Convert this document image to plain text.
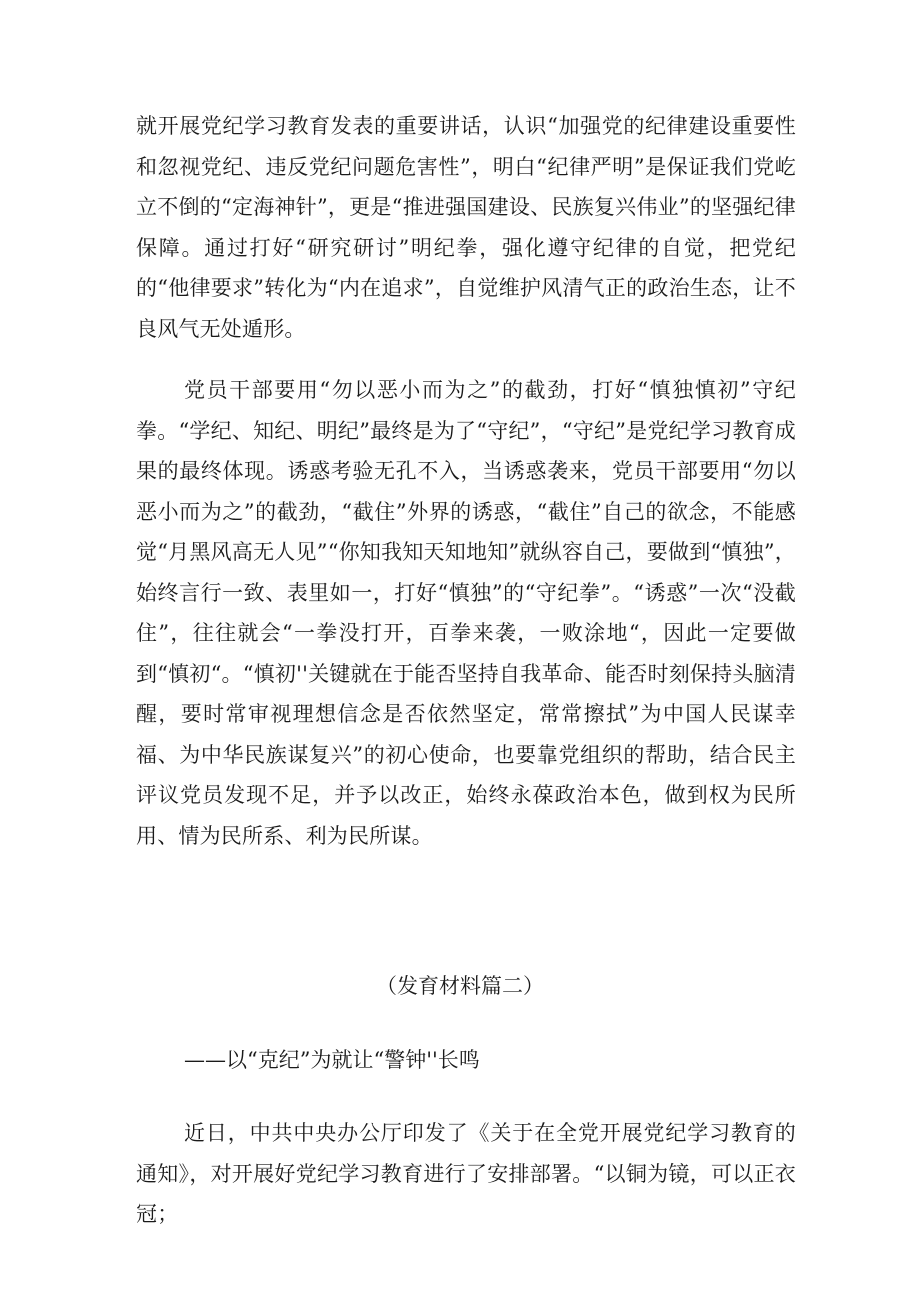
就开展党纪学习教育发表的重要讲话，认识“加强党的纪律建设重要性和忽视党纪、违反党纪问题危害性”，明白“纪律严明”是保证我们党屹立不倒的“定海神针”，更是“推进强国建设、民族复兴伟业”的坚强纪律保障。通过打好“研究研讨”明纪拳，强化遵守纪律的自觉，把党纪的“他律要求”转化为“内在追求”，自觉维护风清气正的政治生态，让不良风气无处遁形。

党员干部要用“勿以恶小而为之”的截劲，打好“慎独慎初”守纪拳。“学纪、知纪、明纪”最终是为了“守纪”，“守纪”是党纪学习教育成果的最终体现。诱惑考验无孔不入，当诱惑袭来，党员干部要用“勿以恶小而为之”的截劲，“截住”外界的诱惑，“截住”自己的欲念，不能感觉“月黑风高无人见”“你知我知天知地知”就纵容自己，要做到“慎独”，始终言行一致、表里如一，打好“慎独”的“守纪拳”。“诱惑”一次“没截住”，往往就会“一拳没打开，百拳来袭，一败涂地“，因此一定要做到“慎初“。“慎初''关键就在于能否坚持自我革命、能否时刻保持头脑清醒，要时常审视理想信念是否依然坚定，常常擦拭”为中国人民谋幸福、为中华民族谋复兴”的初心使命，也要靠党组织的帮助，结合民主评议党员发现不足，并予以改正，始终永葆政治本色，做到权为民所用、情为民所系、利为民所谋。

（发育材料篇二）

——以“克纪”为就让“警钟''长鸣

近日，中共中央办公厅印发了《关于在全党开展党纪学习教育的通知》，对开展好党纪学习教育进行了安排部署。“以铜为镜，可以正衣冠；
